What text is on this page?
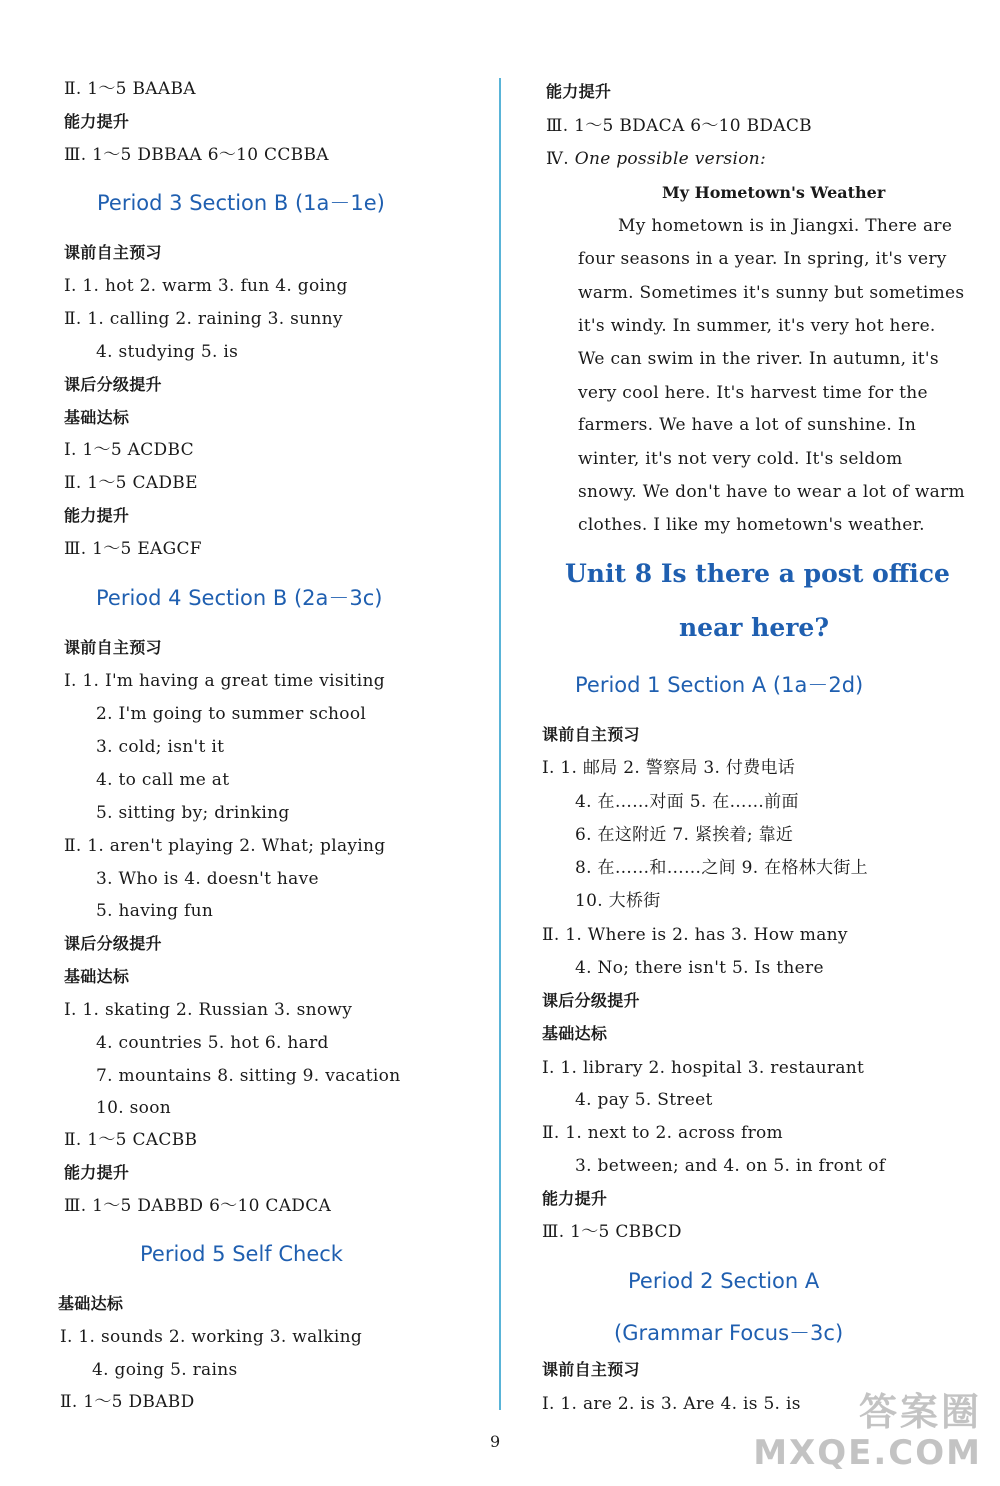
Ⅱ. 1～5 BAABA
能力提升
Ⅲ. 1～5 DBBAA 6～10 CCBBA
Period 3 Section B (1a－1e)
课前自主预习
Ⅰ. 1. hot 2. warm 3. fun 4. going
Ⅱ. 1. calling 2. raining 3. sunny
4. studying 5. is
课后分级提升
基础达标
Ⅰ. 1～5 ACDBC
Ⅱ. 1～5 CADBE
能力提升
Ⅲ. 1～5 EAGCF
Period 4 Section B (2a－3c)
课前自主预习
Ⅰ. 1. I'm having a great time visiting
2. I'm going to summer school
3. cold; isn't it
4. to call me at
5. sitting by; drinking
Ⅱ. 1. aren't playing 2. What; playing
3. Who is 4. doesn't have
5. having fun
课后分级提升
基础达标
Ⅰ. 1. skating 2. Russian 3. snowy
4. countries 5. hot 6. hard
7. mountains 8. sitting 9. vacation
10. soon
Ⅱ. 1～5 CACBB
能力提升
Ⅲ. 1～5 DABBD 6～10 CADCA
Period 5 Self Check
基础达标
Ⅰ. 1. sounds 2. working 3. walking
4. going 5. rains
Ⅱ. 1～5 DBABD
能力提升
Ⅲ. 1～5 BDACA 6～10 BDACB
Ⅳ. One possible version:
My Hometown's Weather
My hometown is in Jiangxi. There are
four seasons in a year. In spring, it's very
warm. Sometimes it's sunny but sometimes
it's windy. In summer, it's very hot here.
We can swim in the river. In autumn, it's
very cool here. It's harvest time for the
farmers. We have a lot of sunshine. In
winter, it's not very cold. It's seldom
snowy. We don't have to wear a lot of warm
clothes. I like my hometown's weather.
Unit 8 Is there a post office
near here?
Period 1 Section A (1a－2d)
课前自主预习
Ⅰ. 1. 邮局 2. 警察局 3. 付费电话
4. 在……对面 5. 在……前面
6. 在这附近 7. 紧挨着; 靠近
8. 在……和……之间 9. 在格林大街上
10. 大桥街
Ⅱ. 1. Where is 2. has 3. How many
4. No; there isn't 5. Is there
课后分级提升
基础达标
Ⅰ. 1. library 2. hospital 3. restaurant
4. pay 5. Street
Ⅱ. 1. next to 2. across from
3. between; and 4. on 5. in front of
能力提升
Ⅲ. 1～5 CBBCD
Period 2 Section A
(Grammar Focus－3c)
课前自主预习
Ⅰ. 1. are 2. is 3. Are 4. is 5. is
9
答案圈
MXQE.COM
